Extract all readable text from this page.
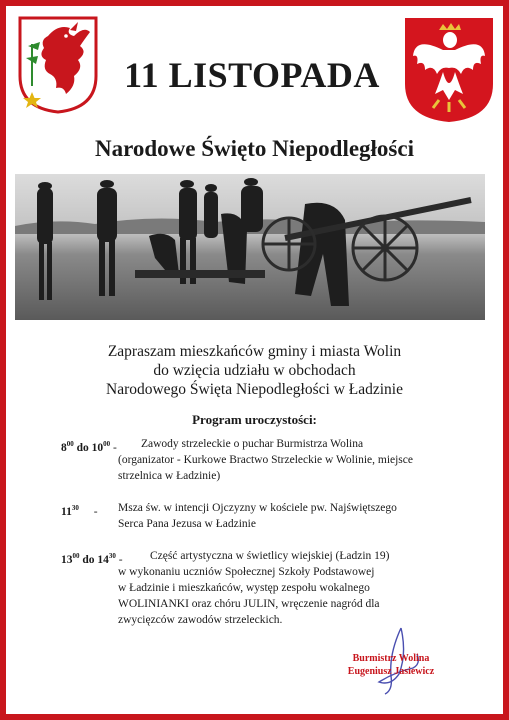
11 LISTOPADA
Narodowe Święto Niepodległości
Zapraszam mieszkańców gminy i miasta Wolin
do wzięcia udziału w obchodach
Narodowego Święta Niepodległości w Ładzinie
Program uroczystości:
$8^{00}$ do $10^{00}$ - Zawody strzeleckie o puchar Burmistrza Wolina
(organizator - Kurkowe Bractwo Strzeleckie w Wolinie, miejsce
strzelnica w Ładzinie)
$11^{30}$ - Msza św. w intencji Ojczyzny w kościele pw. Najświętszego
Serca Pana Jezusa w Ładzinie
$13^{00}$ do $14^{30}$ - Część artystyczna w świetlicy wiejskiej (Ładzin 19)
w wykonaniu uczniów Społecznej Szkoły Podstawowej
w Ładzinie i mieszkańców, występ zespołu wokalnego
WOLINIANKI oraz chóru JULIN, wręczenie nagród dla
zwycięzców zawodów strzeleckich.
Burmistrz Wolina
Eugeniusz Jasiewicz
